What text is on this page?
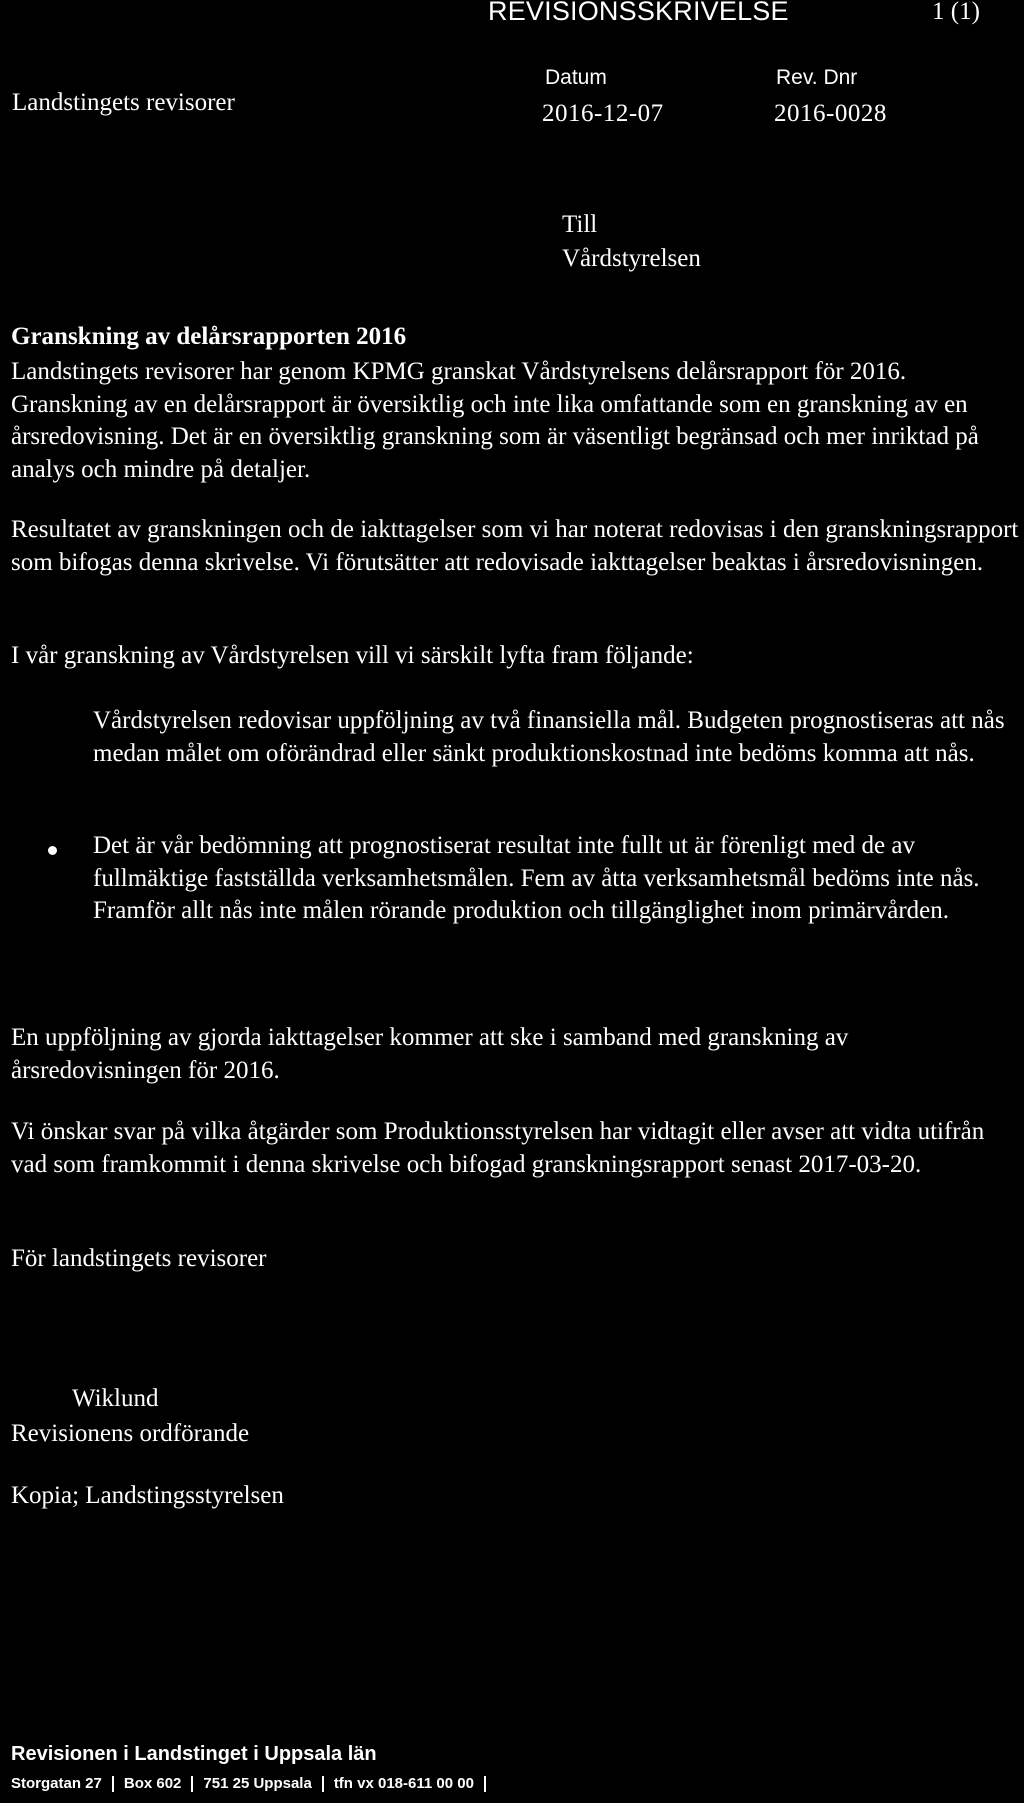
REVISIONSSKRIVELSE	1 (1)
Landstingets revisorer
Datum
2016-12-07
Rev. Dnr
2016-0028
Till
Vårdstyrelsen
Granskning av delårsrapporten 2016

Landstingets revisorer har genom KPMG granskat Vårdstyrelsens delårsrapport för 2016. Granskning av en delårsrapport är översiktlig och inte lika omfattande som en granskning av en årsredovisning. Det är en översiktlig granskning som är väsentligt begränsad och mer inriktad på analys och mindre på detaljer.

Resultatet av granskningen och de iakttagelser som vi har noterat redovisas i den granskningsrapport som bifogas denna skrivelse. Vi förutsätter att redovisade iakttagelser beaktas i årsredovisningen.

I vår granskning av Vårdstyrelsen vill vi särskilt lyfta fram följande:

Vårdstyrelsen redovisar uppföljning av två finansiella mål. Budgeten prognostiseras att nås medan målet om oförändrad eller sänkt produktionskostnad inte bedöms komma att nås.
Det är vår bedömning att prognostiserat resultat inte fullt ut är förenligt med de av fullmäktige fastställda verksamhetsmålen. Fem av åtta verksamhetsmål bedöms inte nås. Framför allt nås inte målen rörande produktion och tillgänglighet inom primärvården.

En uppföljning av gjorda iakttagelser kommer att ske i samband med granskning av årsredovisningen för 2016.

Vi önskar svar på vilka åtgärder som Produktionsstyrelsen har vidtagit eller avser att vidta utifrån vad som framkommit i denna skrivelse och bifogad granskningsrapport senast 2017-03-20.

För landstingets revisorer
Wiklund
Revisionens ordförande
Kopia; Landstingsstyrelsen
Revisionen i Landstinget i Uppsala län
Storgatan 27 Box 602 751 25 Uppsala tfn vx 018-611 00 00
